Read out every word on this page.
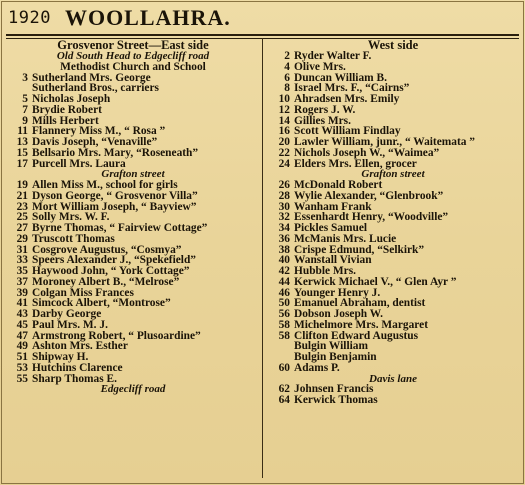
1920 WOOLLAHRA.
Grosvenor Street—East side
Old South Head to Edgecliff road
Methodist Church and School
3 Sutherland Mrs. George
Sutherland Bros., carriers
5 Nicholas Joseph
7 Brydie Robert
9 Mills Herbert
11 Flannery Miss M., “ Rosa ”
13 Davis Joseph, “Venaville”
15 Bellsario Mrs. Mary, “Roseneath”
17 Purcell Mrs. Laura
Grafton street
19 Allen Miss M., school for girls
21 Dyson George, “ Grosvenor Villa”
23 Mort William Joseph, “ Bayview”
25 Solly Mrs. W. F.
27 Byrne Thomas, “ Fairview Cottage”
29 Truscott Thomas
31 Cosgrove Augustus, “Cosmya”
33 Speers Alexander J., “Spekefield”
35 Haywood John, “ York Cottage”
37 Moroney Albert B., “Melrose”
39 Colgan Miss Frances
41 Simcock Albert, “Montrose”
43 Darby George
45 Paul Mrs. M. J.
47 Armstrong Robert, “ Plusoardine”
49 Ashton Mrs. Esther
51 Shipway H.
53 Hutchins Clarence
55 Sharp Thomas E.
Edgecliff road
West side
2 Ryder Walter F.
4 Olive Mrs.
6 Duncan William B.
8 Israel Mrs. F., “Cairns”
10 Ahradsen Mrs. Emily
12 Rogers J. W.
14 Gillies Mrs.
16 Scott William Findlay
20 Lawler William, junr., “ Waitemata ”
22 Nichols Joseph W., “Waimea”
24 Elders Mrs. Ellen, grocer
Grafton street
26 McDonald Robert
28 Wylie Alexander, “Glenbrook”
30 Wanham Frank
32 Essenhardt Henry, “Woodville”
34 Pickles Samuel
36 McManis Mrs. Lucie
38 Crispe Edmund, “Selkirk”
40 Wanstall Vivian
42 Hubble Mrs.
44 Kerwick Michael V., “ Glen Ayr ”
46 Younger Henry J.
50 Emanuel Abraham, dentist
56 Dobson Joseph W.
58 Michelmore Mrs. Margaret
58 Clifton Edward Augustus
Bulgin William
Bulgin Benjamin
60 Adams P.
Davis lane
62 Johnsen Francis
64 Kerwick Thomas
